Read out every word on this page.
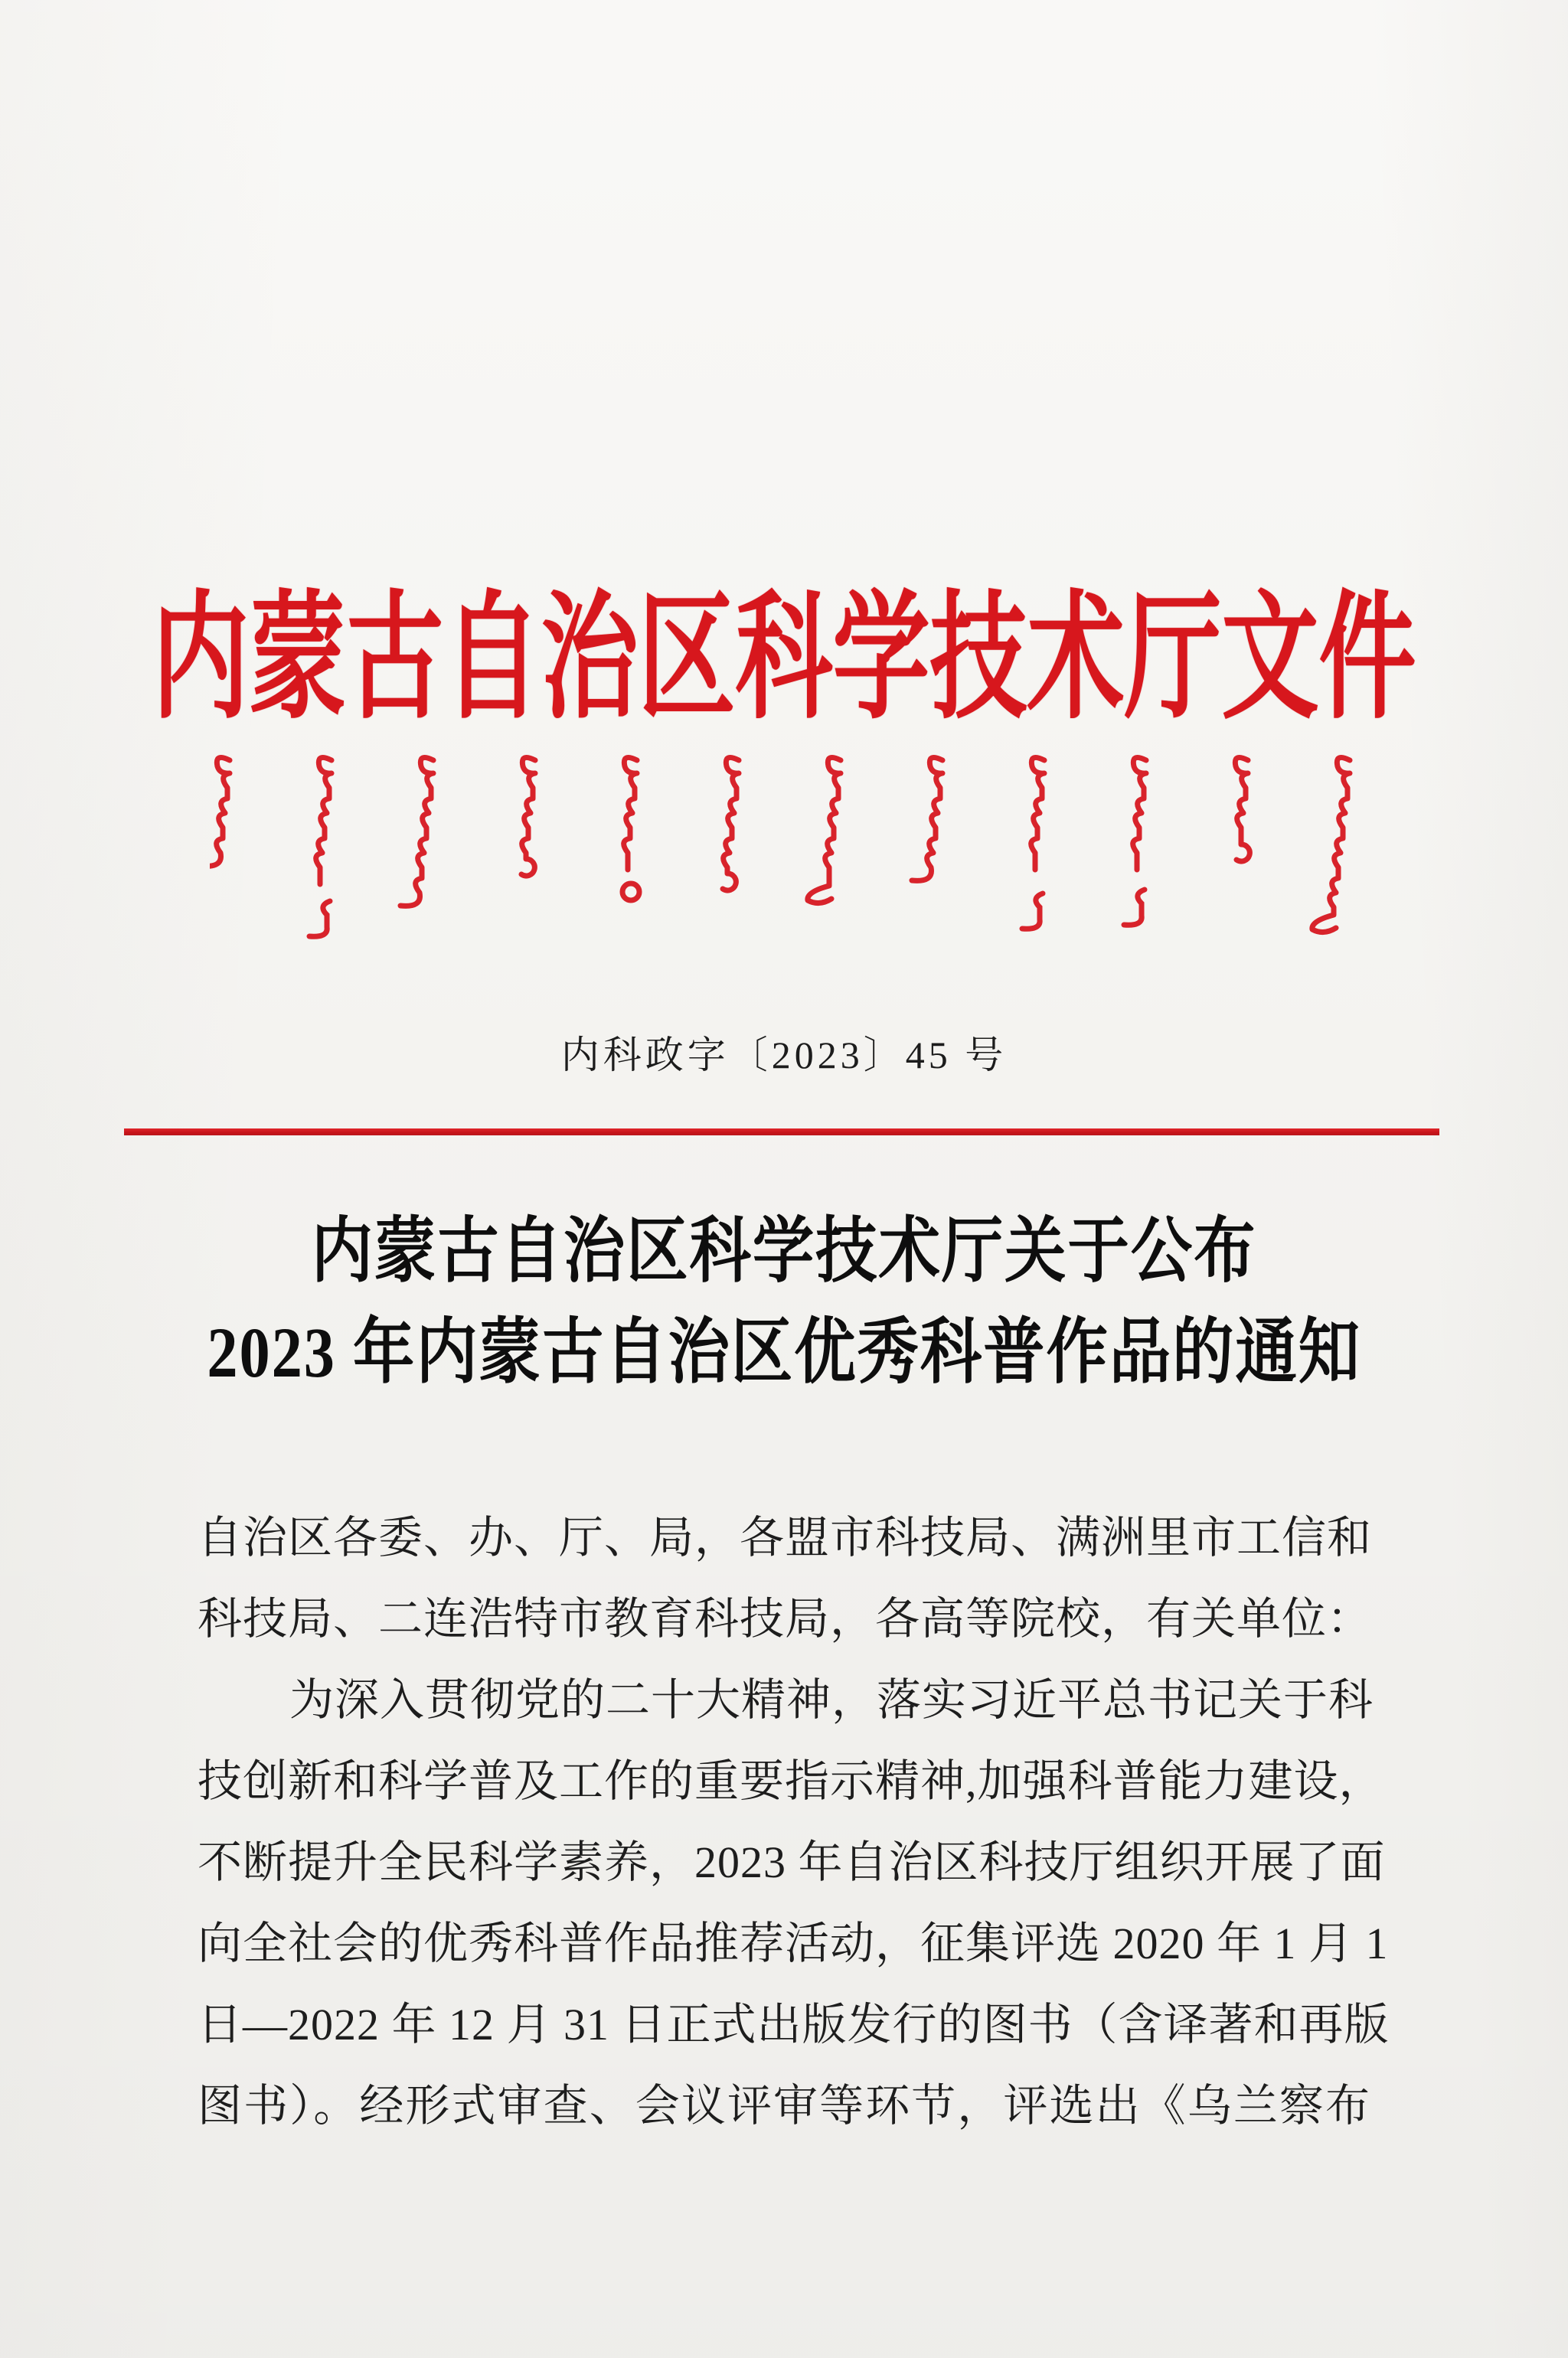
内蒙古自治区科学技术厅文件
内科政字〔2023〕45 号
内蒙古自治区科学技术厅关于公布
2023 年内蒙古自治区优秀科普作品的通知
自治区各委、办、厅、局，各盟市科技局、满洲里市工信和
科技局、二连浩特市教育科技局，各高等院校，有关单位：
为深入贯彻党的二十大精神，落实习近平总书记关于科
技创新和科学普及工作的重要指示精神,加强科普能力建设，
不断提升全民科学素养，2023 年自治区科技厅组织开展了面
向全社会的优秀科普作品推荐活动，征集评选 2020 年 1 月 1
日—2022 年 12 月 31 日正式出版发行的图书（含译著和再版
图书）。经形式审查、会议评审等环节，评选出《乌兰察布
